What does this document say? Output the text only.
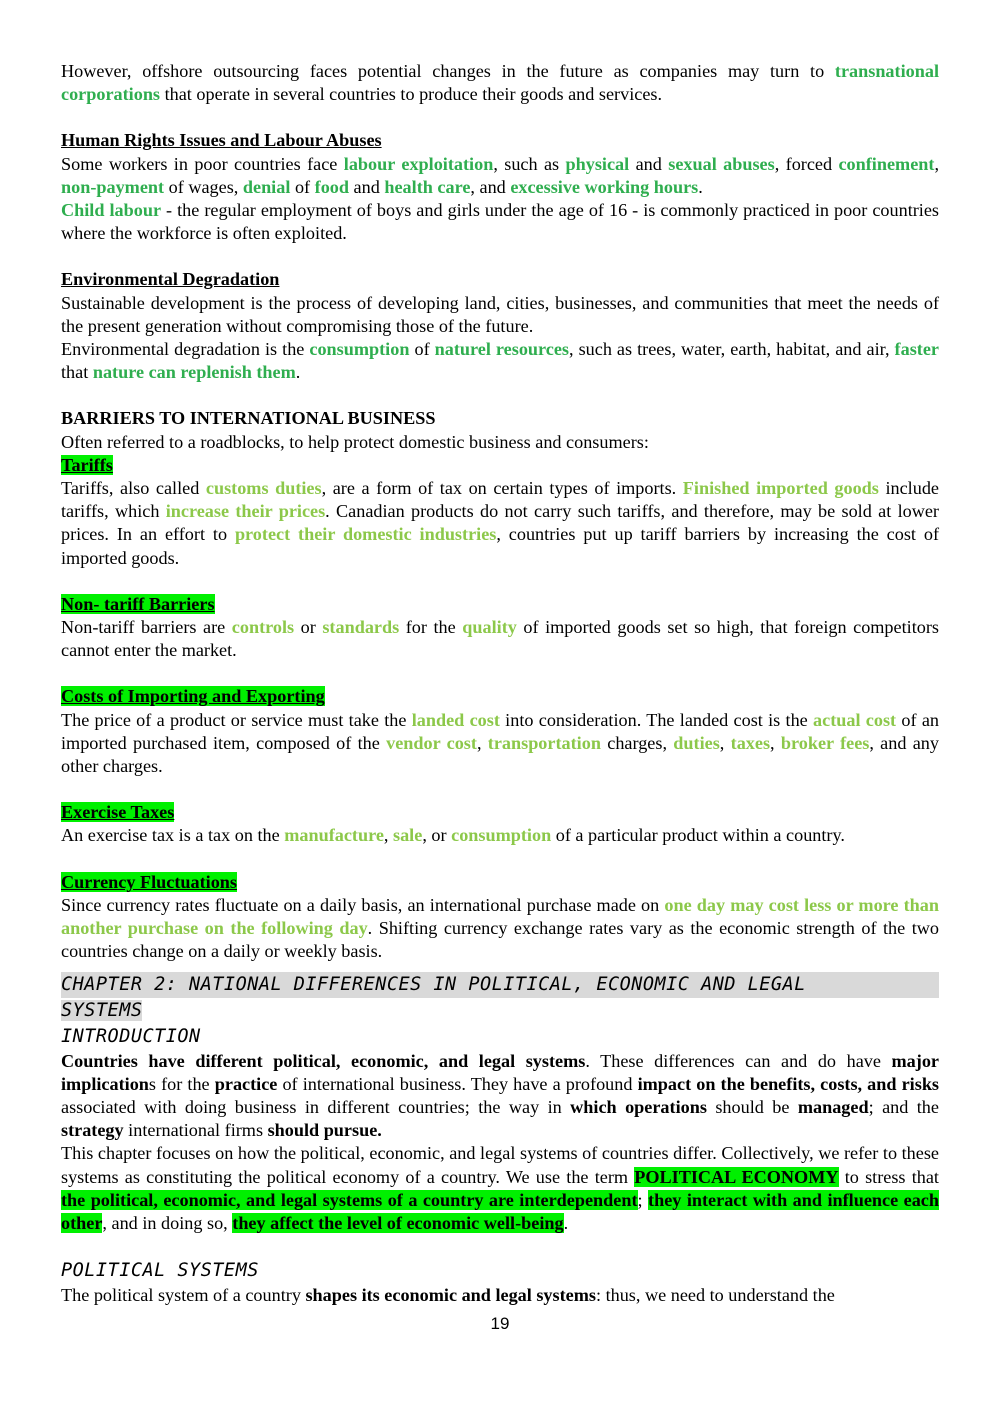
However, offshore outsourcing faces potential changes in the future as companies may turn to transnational corporations that operate in several countries to produce their goods and services.

Human Rights Issues and Labour Abuses

Some workers in poor countries face labour exploitation, such as physical and sexual abuses, forced confinement, non-payment of wages, denial of food and health care, and excessive working hours.

Child labour - the regular employment of boys and girls under the age of 16 - is commonly practiced in poor countries where the workforce is often exploited.

Environmental Degradation

Sustainable development is the process of developing land, cities, businesses, and communities that meet the needs of the present generation without compromising those of the future.

Environmental degradation is the consumption of naturel resources, such as trees, water, earth, habitat, and air, faster that nature can replenish them.

BARRIERS TO INTERNATIONAL BUSINESS

Often referred to a roadblocks, to help protect domestic business and consumers:

Tariffs

Tariffs, also called customs duties, are a form of tax on certain types of imports. Finished imported goods include tariffs, which increase their prices. Canadian products do not carry such tariffs, and therefore, may be sold at lower prices. In an effort to protect their domestic industries, countries put up tariff barriers by increasing the cost of imported goods.

Non- tariff Barriers

Non-tariff barriers are controls or standards for the quality of imported goods set so high, that foreign competitors cannot enter the market.

Costs of Importing and Exporting

The price of a product or service must take the landed cost into consideration. The landed cost is the actual cost of an imported purchased item, composed of the vendor cost, transportation charges, duties, taxes, broker fees, and any other charges.

Exercise Taxes

An exercise tax is a tax on the manufacture, sale, or consumption of a particular product within a country.

Currency Fluctuations

Since currency rates fluctuate on a daily basis, an international purchase made on one day may cost less or more than another purchase on the following day. Shifting currency exchange rates vary as the economic strength of the two countries change on a daily or weekly basis.

CHAPTER 2: NATIONAL DIFFERENCES IN POLITICAL, ECONOMIC AND LEGAL
SYSTEMS
INTRODUCTION

Countries have different political, economic, and legal systems. These differences can and do have major implications for the practice of international business. They have a profound impact on the benefits, costs, and risks associated with doing business in different countries; the way in which operations should be managed; and the strategy international firms should pursue.

This chapter focuses on how the political, economic, and legal systems of countries differ. Collectively, we refer to these systems as constituting the political economy of a country. We use the term POLITICAL ECONOMY to stress that the political, economic, and legal systems of a country are interdependent; they interact with and influence each other, and in doing so, they affect the level of economic well-being.

POLITICAL SYSTEMS

The political system of a country shapes its economic and legal systems: thus, we need to understand the

19
